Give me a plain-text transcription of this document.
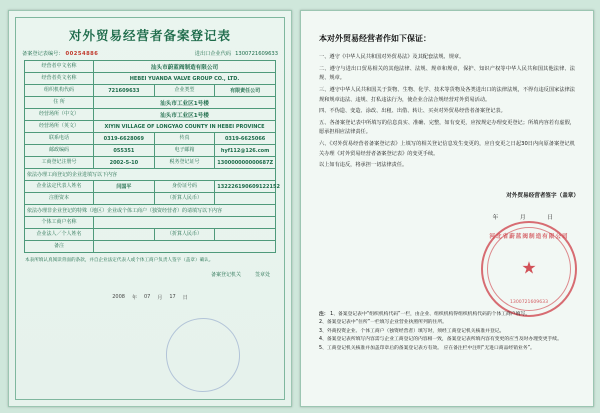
对外贸易经营者备案登记表
备案登记表编号： 00254886	进出口企业代码 1300721609633
经营者中文名称	汕头市蔚蓝阀制造有限公司		
经营者英文名称	HEBEI YUANDA VALVE GROUP CO., LTD.		
组织机构代码	721609633	企业类型	有限责任公司
住 所	汕头市工业区1号楼		
经营场所（中文）	汕头市工业区1号楼		
经营场所（英文）	XIYIN VILLAGE OF LONGYAO COUNTY IN HEBEI PROVINCE		
联系电话	0319-6628069	传真	0319-6625066
邮政编码	055351	电子邮箱	hyf112@126.com
工商登记注册号	2002-5-10	税务登记证号	130000000000687Z
依法办理工商登记的企业进填写以下内容			
企业法定代表人姓名	闫国平	身份证号码	132226190609122152
注册资本		（折算人民币）	
依法办理非企业登记的特殊（地区）企业或个体工商户（独资经营者）的请填写以下内容			
个体工商户名称			
企业法人／个人姓名		（折算人民币）	
备注			
本表所填认真阅读背面的条款，并自企业法定代表人或个体工商户负责人签字（盖章）确认。
备案登记机关	签章处
2008 年 07 月 17 日
本对外贸易经营者作如下保证：

一、遵守《中华人民共和国对外贸易法》及其配套法规、规章。

二、遵守与进出口贸易相关的其他法律、法规、规章和规章，保护、知识产权等中华人民共和国其他法律、法规、规章。

三、遵守中华人民共和国关于货物、生物、化学、技术等货物及各类进出口的法律法规，不得有违反国家法律法规和规章违法、违规、打私违法行为，使企业合法合规经营对外贸易活动。

四、不伪造、变造、涂改、出租、出借、转让、买卖对外贸易经营者备案登记表。

五、各备案登记表中所填写的信息真实、准确、完整，如有变更，应按规定办理变更登记；所填内容若有虚假，愿承担相应法律责任。

六、《对外贸易经营者备案登记表》上填写的相关登记信息发生变更的，应自变更之日起30日内向原备案登记机关办理《对外贸易经营者备案登记表》的变更手续。

以上如有违反，将承担一切法律责任。

对外贸易经营者签字（盖章）
年 月 日
河北省蔚蓝阀制造有限公司
★
1300721609633
注： 1、备案登记表中“组织机构代码”一栏，由企业、组织机构得组织机构代码的个体工商户填写。
2、备案登记表中“住所”一栏填写企业营业执照所列的住所。
3、外商投资企业、个体工商户（独资经营者）填写时，须经工商登记机关核准并登记。
4、备案登记表所填写内容需与企业工商登记的内容相一致，备案登记表所填内容有变更的应当及时办理变更手续。
5、工商登记机关核准并加盖印章后的备案登记表方有效。 应在备注栏中注明“无进口商品经销业务”。
